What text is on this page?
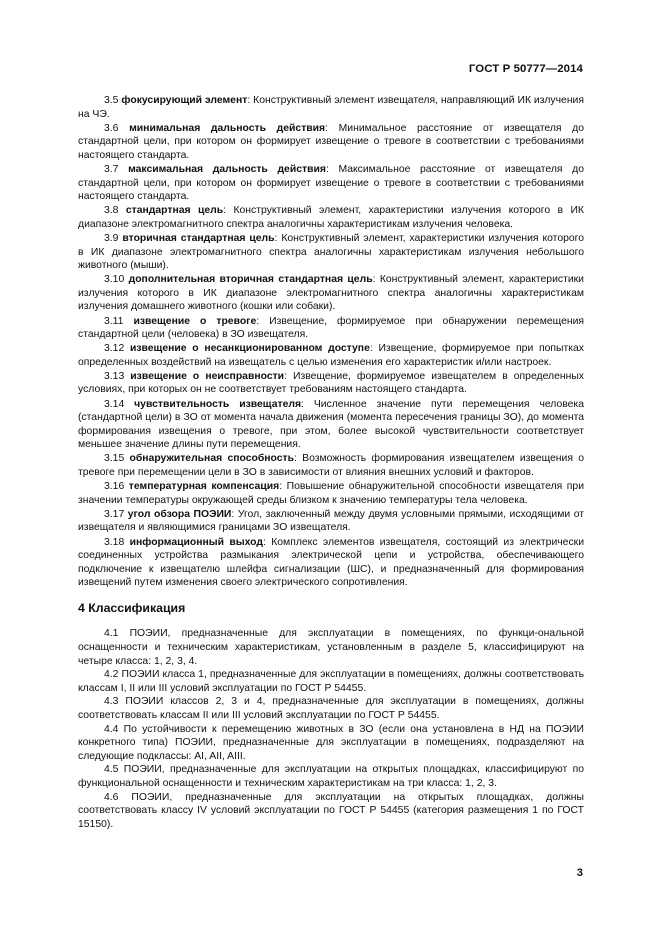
ГОСТ Р 50777—2014

3.5 фокусирующий элемент: Конструктивный элемент извещателя, направляющий ИК излучения на ЧЭ.

3.6 минимальная дальность действия: Минимальное расстояние от извещателя до стандартной цели, при котором он формирует извещение о тревоге в соответствии с требованиями настоящего стандарта.

3.7 максимальная дальность действия: Максимальное расстояние от извещателя до стандартной цели, при котором он формирует извещение о тревоге в соответствии с требованиями настоящего стандарта.

3.8 стандартная цель: Конструктивный элемент, характеристики излучения которого в ИК диапазоне электромагнитного спектра аналогичны характеристикам излучения человека.

3.9 вторичная стандартная цель: Конструктивный элемент, характеристики излучения которого в ИК диапазоне электромагнитного спектра аналогичны характеристикам излучения небольшого животного (мыши).

3.10 дополнительная вторичная стандартная цель: Конструктивный элемент, характеристики излучения которого в ИК диапазоне электромагнитного спектра аналогичны характеристикам излучения домашнего животного (кошки или собаки).

3.11 извещение о тревоге: Извещение, формируемое при обнаружении перемещения стандартной цели (человека) в ЗО извещателя.

3.12 извещение о несанкционированном доступе: Извещение, формируемое при попытках определенных воздействий на извещатель с целью изменения его характеристик и/или настроек.

3.13 извещение о неисправности: Извещение, формируемое извещателем в определенных условиях, при которых он не соответствует требованиям настоящего стандарта.

3.14 чувствительность извещателя: Численное значение пути перемещения человека (стандартной цели) в ЗО от момента начала движения (момента пересечения границы ЗО), до момента формирования извещения о тревоге, при этом, более высокой чувствительности соответствует меньшее значение длины пути перемещения.

3.15 обнаружительная способность: Возможность формирования извещателем извещения о тревоге при перемещении цели в ЗО в зависимости от влияния внешних условий и факторов.

3.16 температурная компенсация: Повышение обнаружительной способности извещателя при значении температуры окружающей среды близком к значению температуры тела человека.

3.17 угол обзора ПОЭИИ: Угол, заключенный между двумя условными прямыми, исходящими от извещателя и являющимися границами ЗО извещателя.

3.18 информационный выход: Комплекс элементов извещателя, состоящий из электрически соединенных устройства размыкания электрической цепи и устройства, обеспечивающего подключение к извещателю шлейфа сигнализации (ШС), и предназначенный для формирования извещений путем изменения своего электрического сопротивления.

4 Классификация

4.1 ПОЭИИ, предназначенные для эксплуатации в помещениях, по функци-ональной оснащенности и техническим характеристикам, установленным в разделе 5, классифицируют на четыре класса: 1, 2, 3, 4.

4.2 ПОЭИИ класса 1, предназначенные для эксплуатации в помещениях, должны соответствовать классам I, II или III условий эксплуатации по ГОСТ Р 54455.

4.3 ПОЭИИ классов 2, 3 и 4, предназначенные для эксплуатации в помещениях, должны соответствовать классам II или III условий эксплуатации по ГОСТ Р 54455.

4.4 По устойчивости к перемещению животных в ЗО (если она установлена в НД на ПОЭИИ конкретного типа) ПОЭИИ, предназначенные для эксплуатации в помещениях, подразделяют на следующие подклассы: AI, AII, AIII.

4.5 ПОЭИИ, предназначенные для эксплуатации на открытых площадках, классифицируют по функциональной оснащенности и техническим характеристикам на три класса: 1, 2, 3.

4.6 ПОЭИИ, предназначенные для эксплуатации на открытых площадках, должны соответствовать классу IV условий эксплуатации по ГОСТ Р 54455 (категория размещения 1 по ГОСТ 15150).

3
